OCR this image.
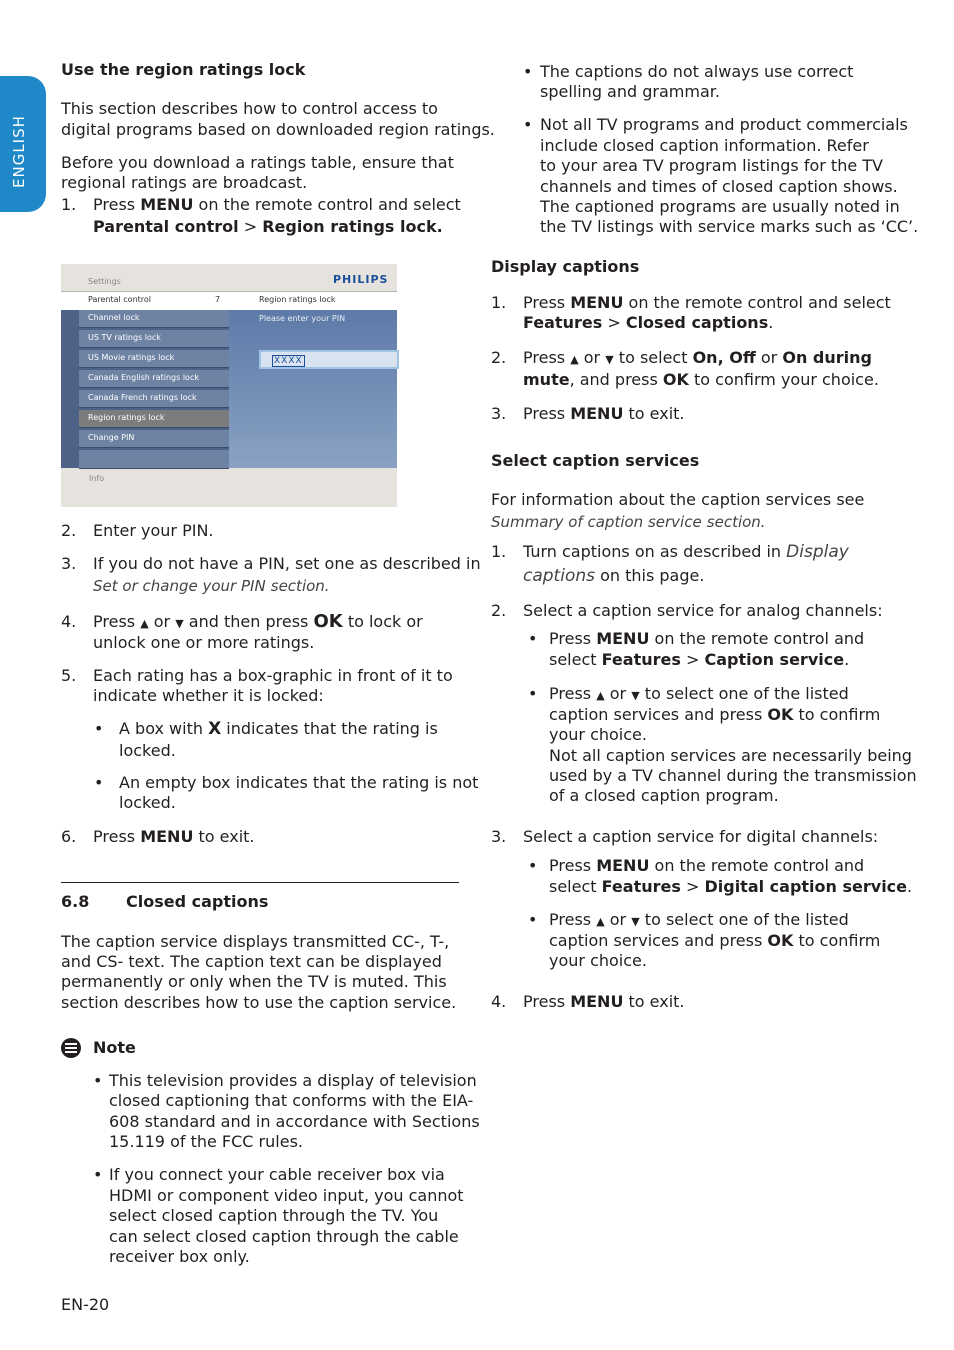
ENGLISH
Use the region ratings lock
This section describes how to control access to
digital programs based on downloaded region ratings.
Before you download a ratings table, ensure that
regional ratings are broadcast.
1. Press MENU on the remote control and select
Parental control > Region ratings lock.
Settings	PHILIPS
Parental control	7	Region ratings lock
Channel lock
US TV ratings lock
US Movie ratings lock
Canada English ratings lock
Canada French ratings lock
Region ratings lock
Change PIN
Please enter your PIN
XXXX
Info
2. Enter your PIN.
3. If you do not have a PIN, set one as described in
Set or change your PIN section.
4. Press ▲ or ▼ and then press OK to lock or
unlock one or more ratings.
5. Each rating has a box-graphic in front of it to
indicate whether it is locked:
• A box with X indicates that the rating is
locked.
• An empty box indicates that the rating is not
locked.
6. Press MENU to exit.
6.8 Closed captions
The caption service displays transmitted CC-, T-,
and CS- text. The caption text can be displayed
permanently or only when the TV is muted. This
section describes how to use the caption service.
Note
• This television provides a display of television
closed captioning that conforms with the EIA-
608 standard and in accordance with Sections
15.119 of the FCC rules.
• If you connect your cable receiver box via
HDMI or component video input, you cannot
select closed caption through the TV. You
can select closed caption through the cable
receiver box only.
EN-20
• The captions do not always use correct
spelling and grammar.
• Not all TV programs and product commercials
include closed caption information. Refer
to your area TV program listings for the TV
channels and times of closed caption shows.
The captioned programs are usually noted in
the TV listings with service marks such as ‘CC’.
Display captions
1. Press MENU on the remote control and select
Features > Closed captions.
2. Press ▲ or ▼ to select On, Off or On during
mute, and press OK to confirm your choice.
3. Press MENU to exit.
Select caption services
For information about the caption services see
Summary of caption service section.
1. Turn captions on as described in Display
captions on this page.
2. Select a caption service for analog channels:
• Press MENU on the remote control and
select Features > Caption service.
• Press ▲ or ▼ to select one of the listed
caption services and press OK to confirm
your choice.
Not all caption services are necessarily being
used by a TV channel during the transmission
of a closed caption program.
3. Select a caption service for digital channels:
• Press MENU on the remote control and
select Features > Digital caption service.
• Press ▲ or ▼ to select one of the listed
caption services and press OK to confirm
your choice.
4. Press MENU to exit.
